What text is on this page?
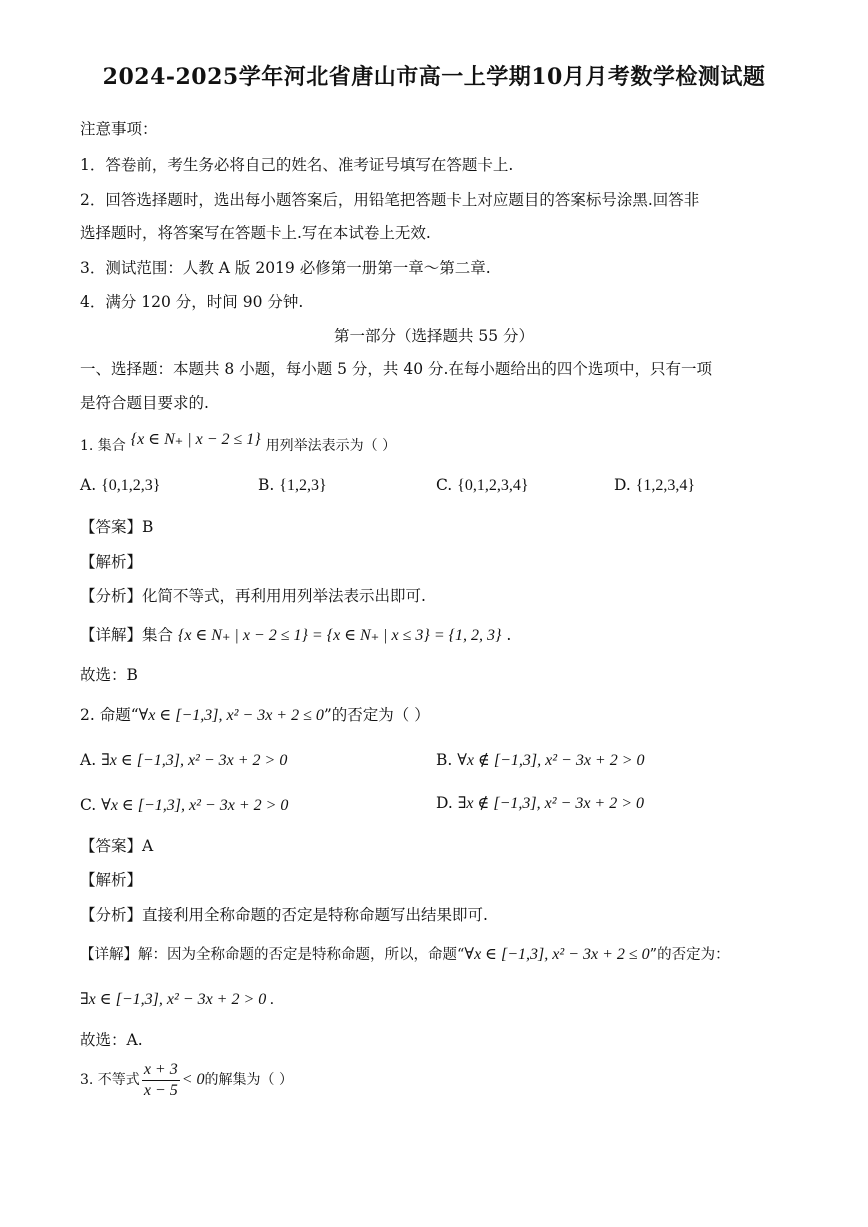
2024-2025学年河北省唐山市高一上学期10月月考数学检测试题
注意事项：
1．答卷前，考生务必将自己的姓名、准考证号填写在答题卡上.
2．回答选择题时，选出每小题答案后，用铅笔把答题卡上对应题目的答案标号涂黑.回答非
选择题时，将答案写在答题卡上.写在本试卷上无效.
3．测试范围：人教 A 版 2019 必修第一册第一章～第二章.
4．满分 120 分，时间 90 分钟.
第一部分（选择题共 55 分）
一、选择题：本题共 8 小题，每小题 5 分，共 40 分.在每小题给出的四个选项中，只有一项
是符合题目要求的.
1. 集合 {x ∈ N₊ | x − 2 ≤ 1} 用列举法表示为（ ）
A. {0,1,2,3}	B. {1,2,3}	C. {0,1,2,3,4}	D. {1,2,3,4}
【答案】B
【解析】
【分析】化简不等式，再利用用列举法表示出即可.
【详解】集合 {x ∈ N₊ | x − 2 ≤ 1} = {x ∈ N₊ | x ≤ 3} = {1, 2, 3} .
故选：B
2. 命题“∀x ∈ [−1,3], x² − 3x + 2 ≤ 0”的否定为（ ）
A. ∃x ∈ [−1,3], x² − 3x + 2 > 0	B. ∀x ∉ [−1,3], x² − 3x + 2 > 0
C. ∀x ∈ [−1,3], x² − 3x + 2 > 0	D. ∃x ∉ [−1,3], x² − 3x + 2 > 0
【答案】A
【解析】
【分析】直接利用全称命题的否定是特称命题写出结果即可.
【详解】解：因为全称命题的否定是特称命题，所以，命题“∀x ∈ [−1,3], x² − 3x + 2 ≤ 0”的否定为：
∃x ∈ [−1,3], x² − 3x + 2 > 0 .
故选：A.
3. 不等式 $\frac{x + 3}{x - 5} < 0$的解集为（ ）
